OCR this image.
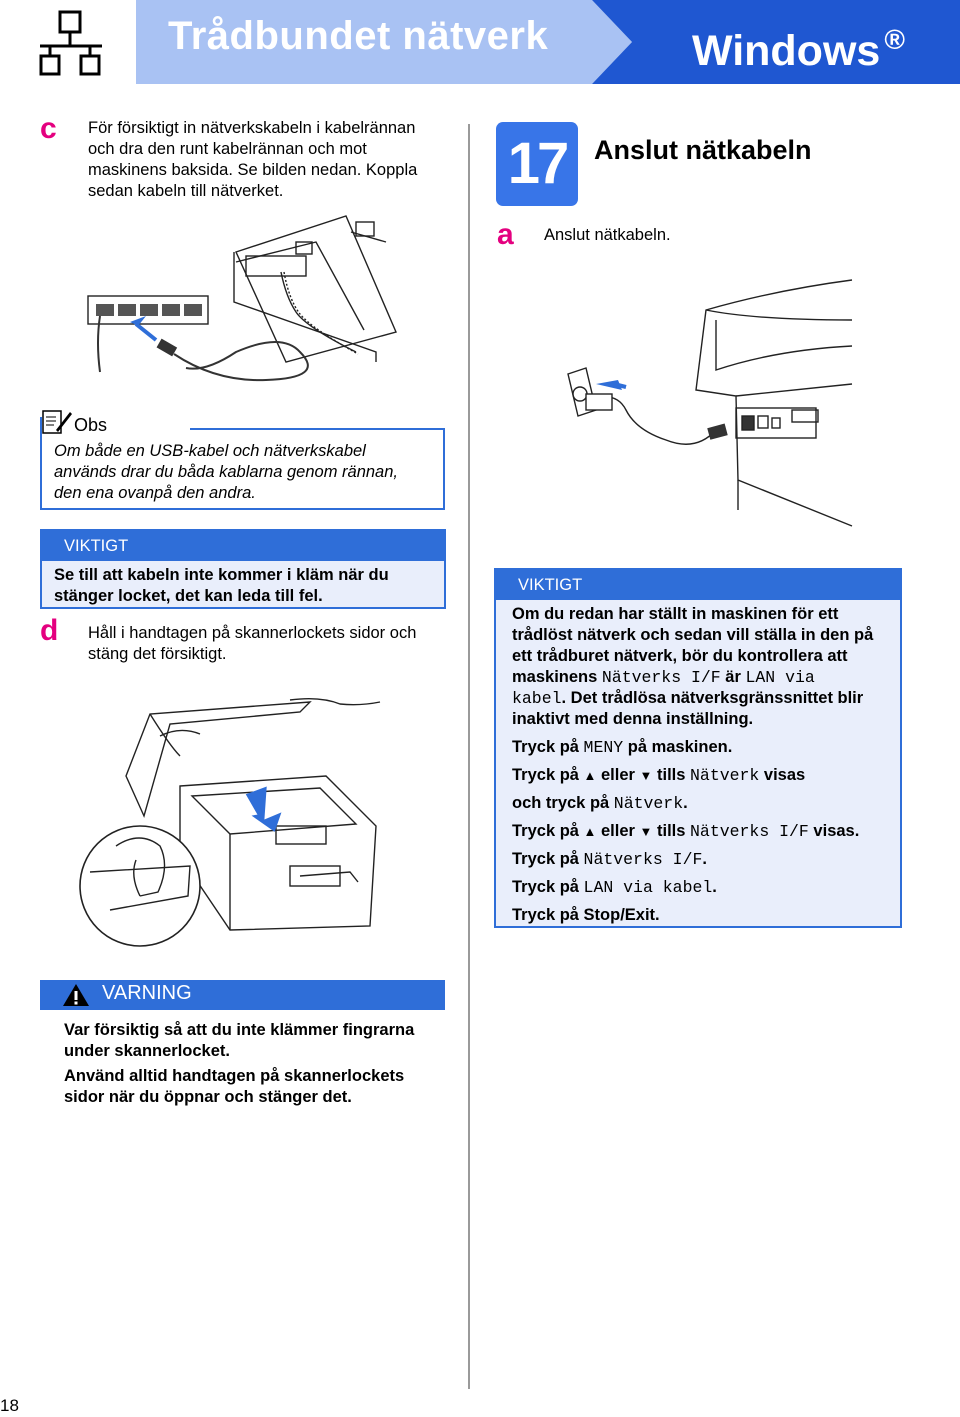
Trådbundet nätverk	Windows ®
c För försiktigt in nätverkskabeln i kabelrännan
och dra den runt kabelrännan och mot
maskinens baksida. Se bilden nedan. Koppla
sedan kabeln till nätverket.
Obs
Om både en USB-kabel och nätverkskabel
används drar du båda kablarna genom rännan,
den ena ovanpå den andra.
VIKTIGT
Se till att kabeln inte kommer i kläm när du
stänger locket, det kan leda till fel.
d Håll i handtagen på skannerlockets sidor och
stäng det försiktigt.
VARNING
Var försiktig så att du inte klämmer fingrarna
under skannerlocket.
Använd alltid handtagen på skannerlockets
sidor när du öppnar och stänger det.
17	Anslut nätkabeln
a Anslut nätkabeln.
VIKTIGT
Om du redan har ställt in maskinen för ett
trådlöst nätverk och sedan vill ställa in den på
ett trådburet nätverk, bör du kontrollera att
maskinens Nätverks I/F är LAN via
kabel. Det trådlösa nätverksgränssnittet blir
inaktivt med denna inställning.
Tryck på MENY på maskinen.
Tryck på ▲ eller ▼ tills Nätverk visas
och tryck på Nätverk.
Tryck på ▲ eller ▼ tills Nätverks I/F visas.
Tryck på Nätverks I/F.
Tryck på LAN via kabel.
Tryck på Stop/Exit.
18
